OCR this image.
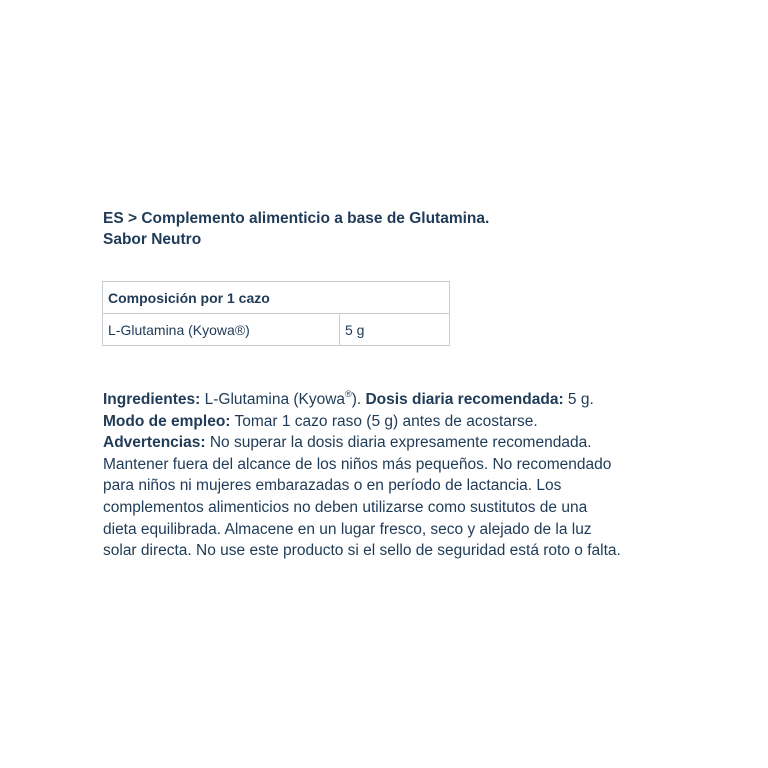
ES > Complemento alimenticio a base de Glutamina.
Sabor Neutro
Composición por 1 cazo
L-Glutamina (Kyowa®)	5 g
Ingredientes: L-Glutamina (Kyowa®). Dosis diaria recomendada: 5 g.
Modo de empleo: Tomar 1 cazo raso (5 g) antes de acostarse.
Advertencias: No superar la dosis diaria expresamente recomendada.
Mantener fuera del alcance de los niños más pequeños. No recomendado
para niños ni mujeres embarazadas o en período de lactancia. Los
complementos alimenticios no deben utilizarse como sustitutos de una
dieta equilibrada. Almacene en un lugar fresco, seco y alejado de la luz
solar directa. No use este producto si el sello de seguridad está roto o falta.
